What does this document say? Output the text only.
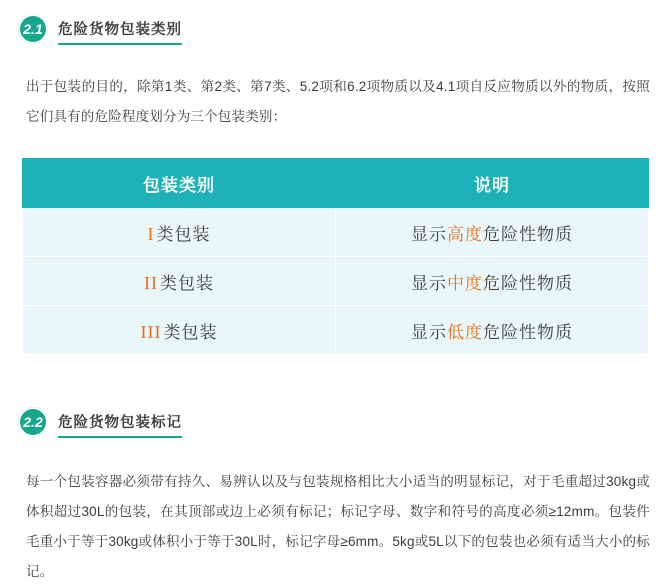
2.1 危险货物包装类别
出于包装的目的，除第1类、第2类、第7类、5.2项和6.2项物质以及4.1项自反应物质以外的物质，按照它们具有的危险程度划分为三个包装类别：
包装类别	说明
I 类包装	显示高度危险性物质
II 类包装	显示中度危险性物质
III 类包装	显示低度危险性物质
2.2 危险货物包装标记
每一个包装容器必须带有持久、易辨认以及与包装规格相比大小适当的明显标记，对于毛重超过30kg或体积超过30L的包装，在其顶部或边上必须有标记；标记字母、数字和符号的高度必须≥12mm。包装件毛重小于等于30kg或体积小于等于30L时，标记字母≥6mm。5kg或5L以下的包装也必须有适当大小的标记。
